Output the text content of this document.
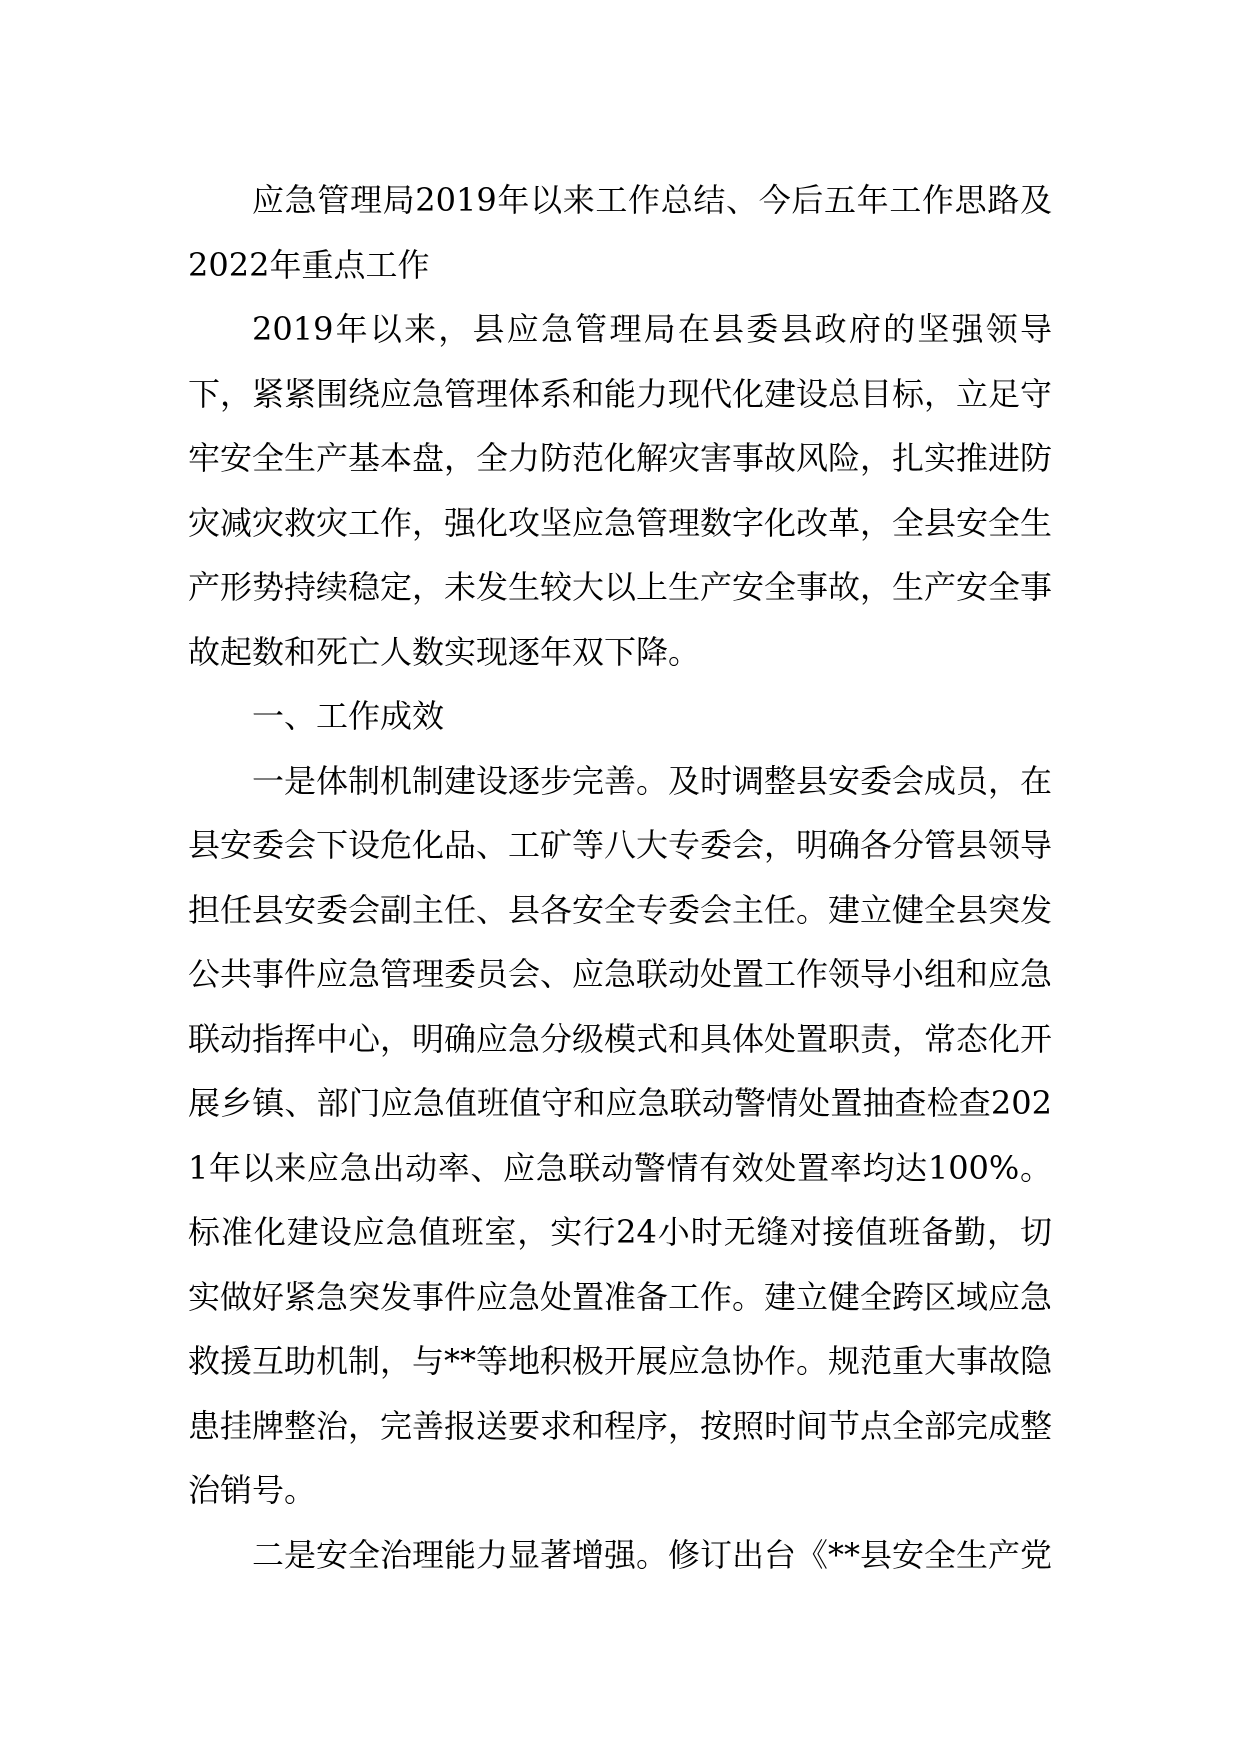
应急管理局2019年以来工作总结、今后五年工作思路及2022年重点工作

2019年以来，县应急管理局在县委县政府的坚强领导下，紧紧围绕应急管理体系和能力现代化建设总目标，立足守牢安全生产基本盘，全力防范化解灾害事故风险，扎实推进防灾减灾救灾工作，强化攻坚应急管理数字化改革，全县安全生产形势持续稳定，未发生较大以上生产安全事故，生产安全事故起数和死亡人数实现逐年双下降。

一、工作成效

一是体制机制建设逐步完善。及时调整县安委会成员，在县安委会下设危化品、工矿等八大专委会，明确各分管县领导担任县安委会副主任、县各安全专委会主任。建立健全县突发公共事件应急管理委员会、应急联动处置工作领导小组和应急联动指挥中心，明确应急分级模式和具体处置职责，常态化开展乡镇、部门应急值班值守和应急联动警情处置抽查检查2021年以来应急出动率、应急联动警情有效处置率均达100%。标准化建设应急值班室，实行24小时无缝对接值班备勤，切实做好紧急突发事件应急处置准备工作。建立健全跨区域应急救援互助机制，与**等地积极开展应急协作。规范重大事故隐患挂牌整治，完善报送要求和程序，按照时间节点全部完成整治销号。

二是安全治理能力显著增强。修订出台《**县安全生产党
